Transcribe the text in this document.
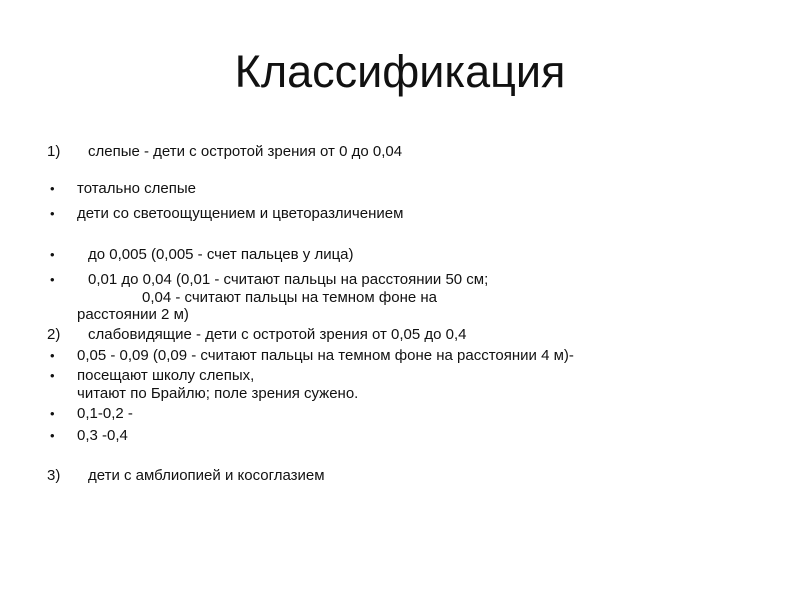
Классификация
1) слепые - дети с остротой зрения от 0 до 0,04
• тотально слепые
• дети со светоощущением и цветоразличением
• до 0,005 (0,005 - счет пальцев у лица)
• 0,01 до 0,04 (0,01 - считают пальцы на расстоянии 50 см;
0,04 - считают пальцы на темном фоне на
расстоянии 2 м)
2) слабовидящие - дети с остротой зрения от 0,05 до 0,4
• 0,05 - 0,09 (0,09 - считают пальцы на темном фоне на расстоянии 4 м)-
• посещают школу слепых,
читают по Брайлю; поле зрения сужено.
• 0,1-0,2 -
• 0,3 -0,4
3) дети с амблиопией и косоглазием
